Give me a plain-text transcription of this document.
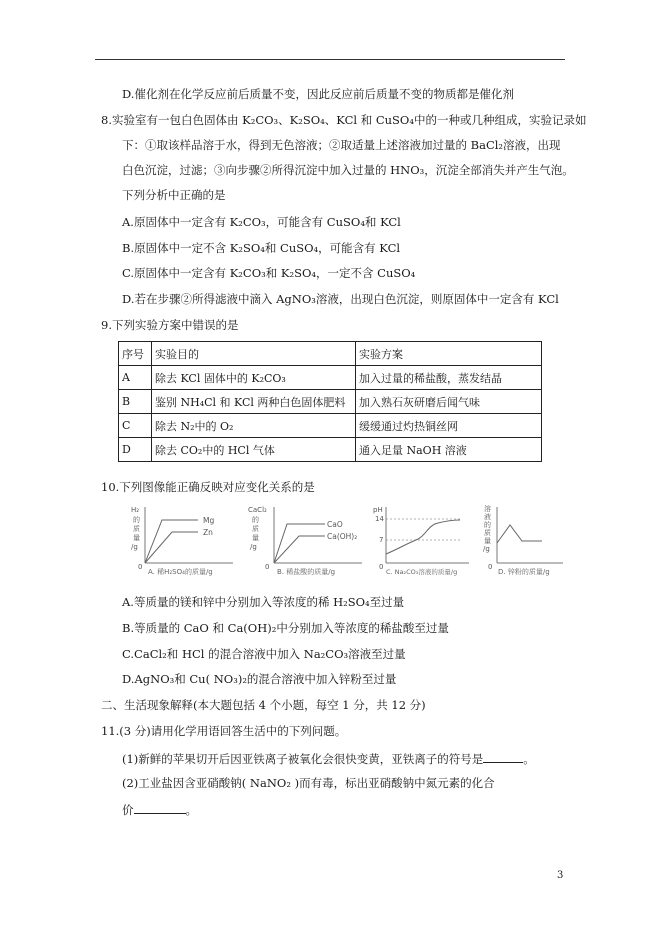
D.催化剂在化学反应前后质量不变，因此反应前后质量不变的物质都是催化剂
8.实验室有一包白色固体由 K₂CO₃、K₂SO₄、KCl 和 CuSO₄中的一种或几种组成，实验记录如
下：①取该样品溶于水，得到无色溶液；②取适量上述溶液加过量的 BaCl₂溶液，出现
白色沉淀，过滤；③向步骤②所得沉淀中加入过量的 HNO₃，沉淀全部消失并产生气泡。
下列分析中正确的是
A.原固体中一定含有 K₂CO₃，可能含有 CuSO₄和 KCl
B.原固体中一定不含 K₂SO₄和 CuSO₄，可能含有 KCl
C.原固体中一定含有 K₂CO₃和 K₂SO₄，一定不含 CuSO₄
D.若在步骤②所得滤液中滴入 AgNO₃溶液，出现白色沉淀，则原固体中一定含有 KCl
9.下列实验方案中错误的是
序号	实验目的	实验方案
A	除去 KCl 固体中的 K₂CO₃	加入过量的稀盐酸，蒸发结晶
B	鉴别 NH₄Cl 和 KCl 两种白色固体肥料	加入熟石灰研磨后闻气味
C	除去 N₂中的 O₂	缓缓通过灼热铜丝网
D	除去 CO₂中的 HCl 气体	通入足量 NaOH 溶液
10.下列图像能正确反映对应变化关系的是
H₂
的
质
量
/g
0
Mg
Zn
A. 稀H₂SO₄的质量/g
CaCl₂
的
质
量
/g
0
CaO
Ca(OH)₂
B. 稀盐酸的质量/g
pH
14
7
0
C. Na₂CO₃溶液的质量/g
溶
液
的
质
量
/g
0
D. 锌粉的质量/g
A.等质量的镁和锌中分别加入等浓度的稀 H₂SO₄至过量
B.等质量的 CaO 和 Ca(OH)₂中分别加入等浓度的稀盐酸至过量
C.CaCl₂和 HCl 的混合溶液中加入 Na₂CO₃溶液至过量
D.AgNO₃和 Cu( NO₃)₂的混合溶液中加入锌粉至过量
二、生活现象解释(本大题包括 4 个小题，每空 1 分，共 12 分)
11.(3 分)请用化学用语回答生活中的下列问题。
(1)新鲜的苹果切开后因亚铁离子被氧化会很快变黄，亚铁离子的符号是	。
(2)工业盐因含亚硝酸钠( NaNO₂ )而有毒，标出亚硝酸钠中氮元素的化合
价	。
3
